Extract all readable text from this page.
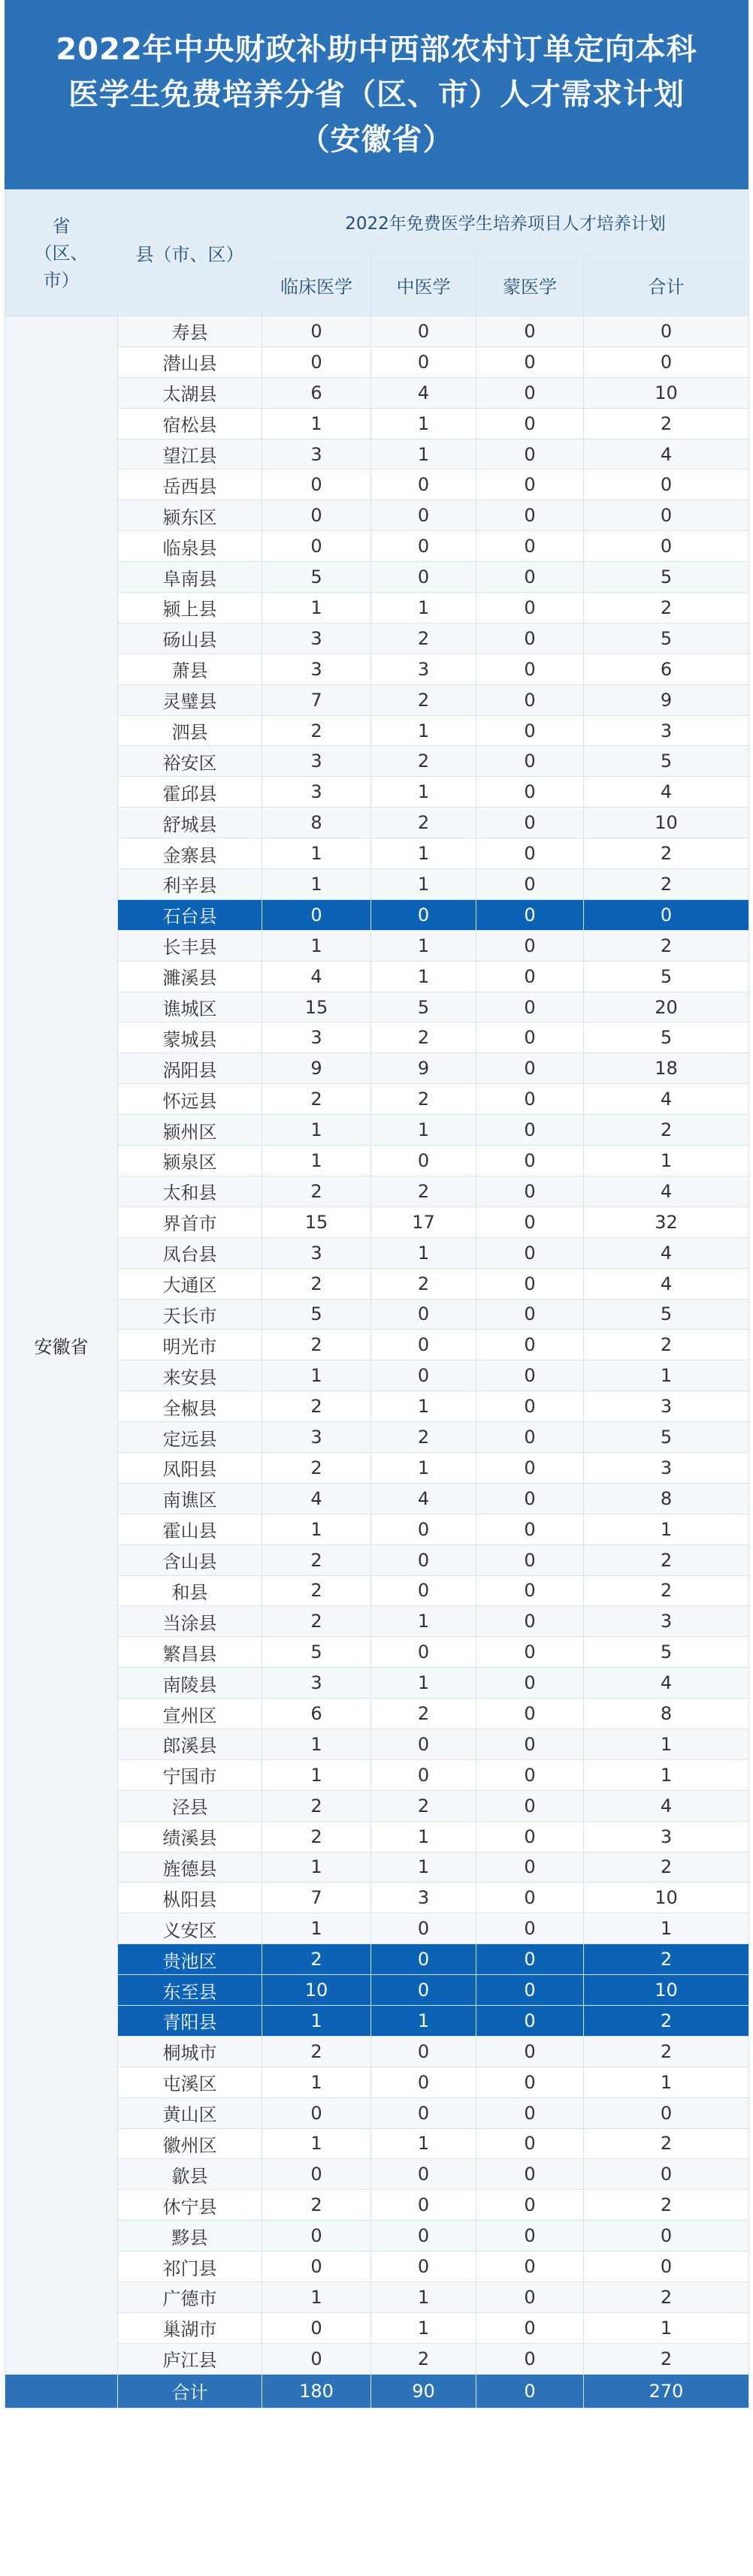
2022年中央财政补助中西部农村订单定向本科
医学生免费培养分省（区、市）人才需求计划
（安徽省）
省（区、市）	县（市、区）	2022年免费医学生培养项目人才培养计划			
		临床医学	中医学	蒙医学	合计
安徽省	寿县	0	0	0	0
	潜山县	0	0	0	0
	太湖县	6	4	0	10
	宿松县	1	1	0	2
	望江县	3	1	0	4
	岳西县	0	0	0	0
	颍东区	0	0	0	0
	临泉县	0	0	0	0
	阜南县	5	0	0	5
	颍上县	1	1	0	2
	砀山县	3	2	0	5
	萧县	3	3	0	6
	灵璧县	7	2	0	9
	泗县	2	1	0	3
	裕安区	3	2	0	5
	霍邱县	3	1	0	4
	舒城县	8	2	0	10
	金寨县	1	1	0	2
	利辛县	1	1	0	2
	石台县	0	0	0	0
	长丰县	1	1	0	2
	濉溪县	4	1	0	5
	谯城区	15	5	0	20
	蒙城县	3	2	0	5
	涡阳县	9	9	0	18
	怀远县	2	2	0	4
	颍州区	1	1	0	2
	颍泉区	1	0	0	1
	太和县	2	2	0	4
	界首市	15	17	0	32
	凤台县	3	1	0	4
	大通区	2	2	0	4
	天长市	5	0	0	5
	明光市	2	0	0	2
	来安县	1	0	0	1
	全椒县	2	1	0	3
	定远县	3	2	0	5
	凤阳县	2	1	0	3
	南谯区	4	4	0	8
	霍山县	1	0	0	1
	含山县	2	0	0	2
	和县	2	0	0	2
	当涂县	2	1	0	3
	繁昌县	5	0	0	5
	南陵县	3	1	0	4
	宣州区	6	2	0	8
	郎溪县	1	0	0	1
	宁国市	1	0	0	1
	泾县	2	2	0	4
	绩溪县	2	1	0	3
	旌德县	1	1	0	2
	枞阳县	7	3	0	10
	义安区	1	0	0	1
	贵池区	2	0	0	2
	东至县	10	0	0	10
	青阳县	1	1	0	2
	桐城市	2	0	0	2
	屯溪区	1	0	0	1
	黄山区	0	0	0	0
	徽州区	1	1	0	2
	歙县	0	0	0	0
	休宁县	2	0	0	2
	黟县	0	0	0	0
	祁门县	0	0	0	0
	广德市	1	1	0	2
	巢湖市	0	1	0	1
	庐江县	0	2	0	2
	合计	180	90	0	270
